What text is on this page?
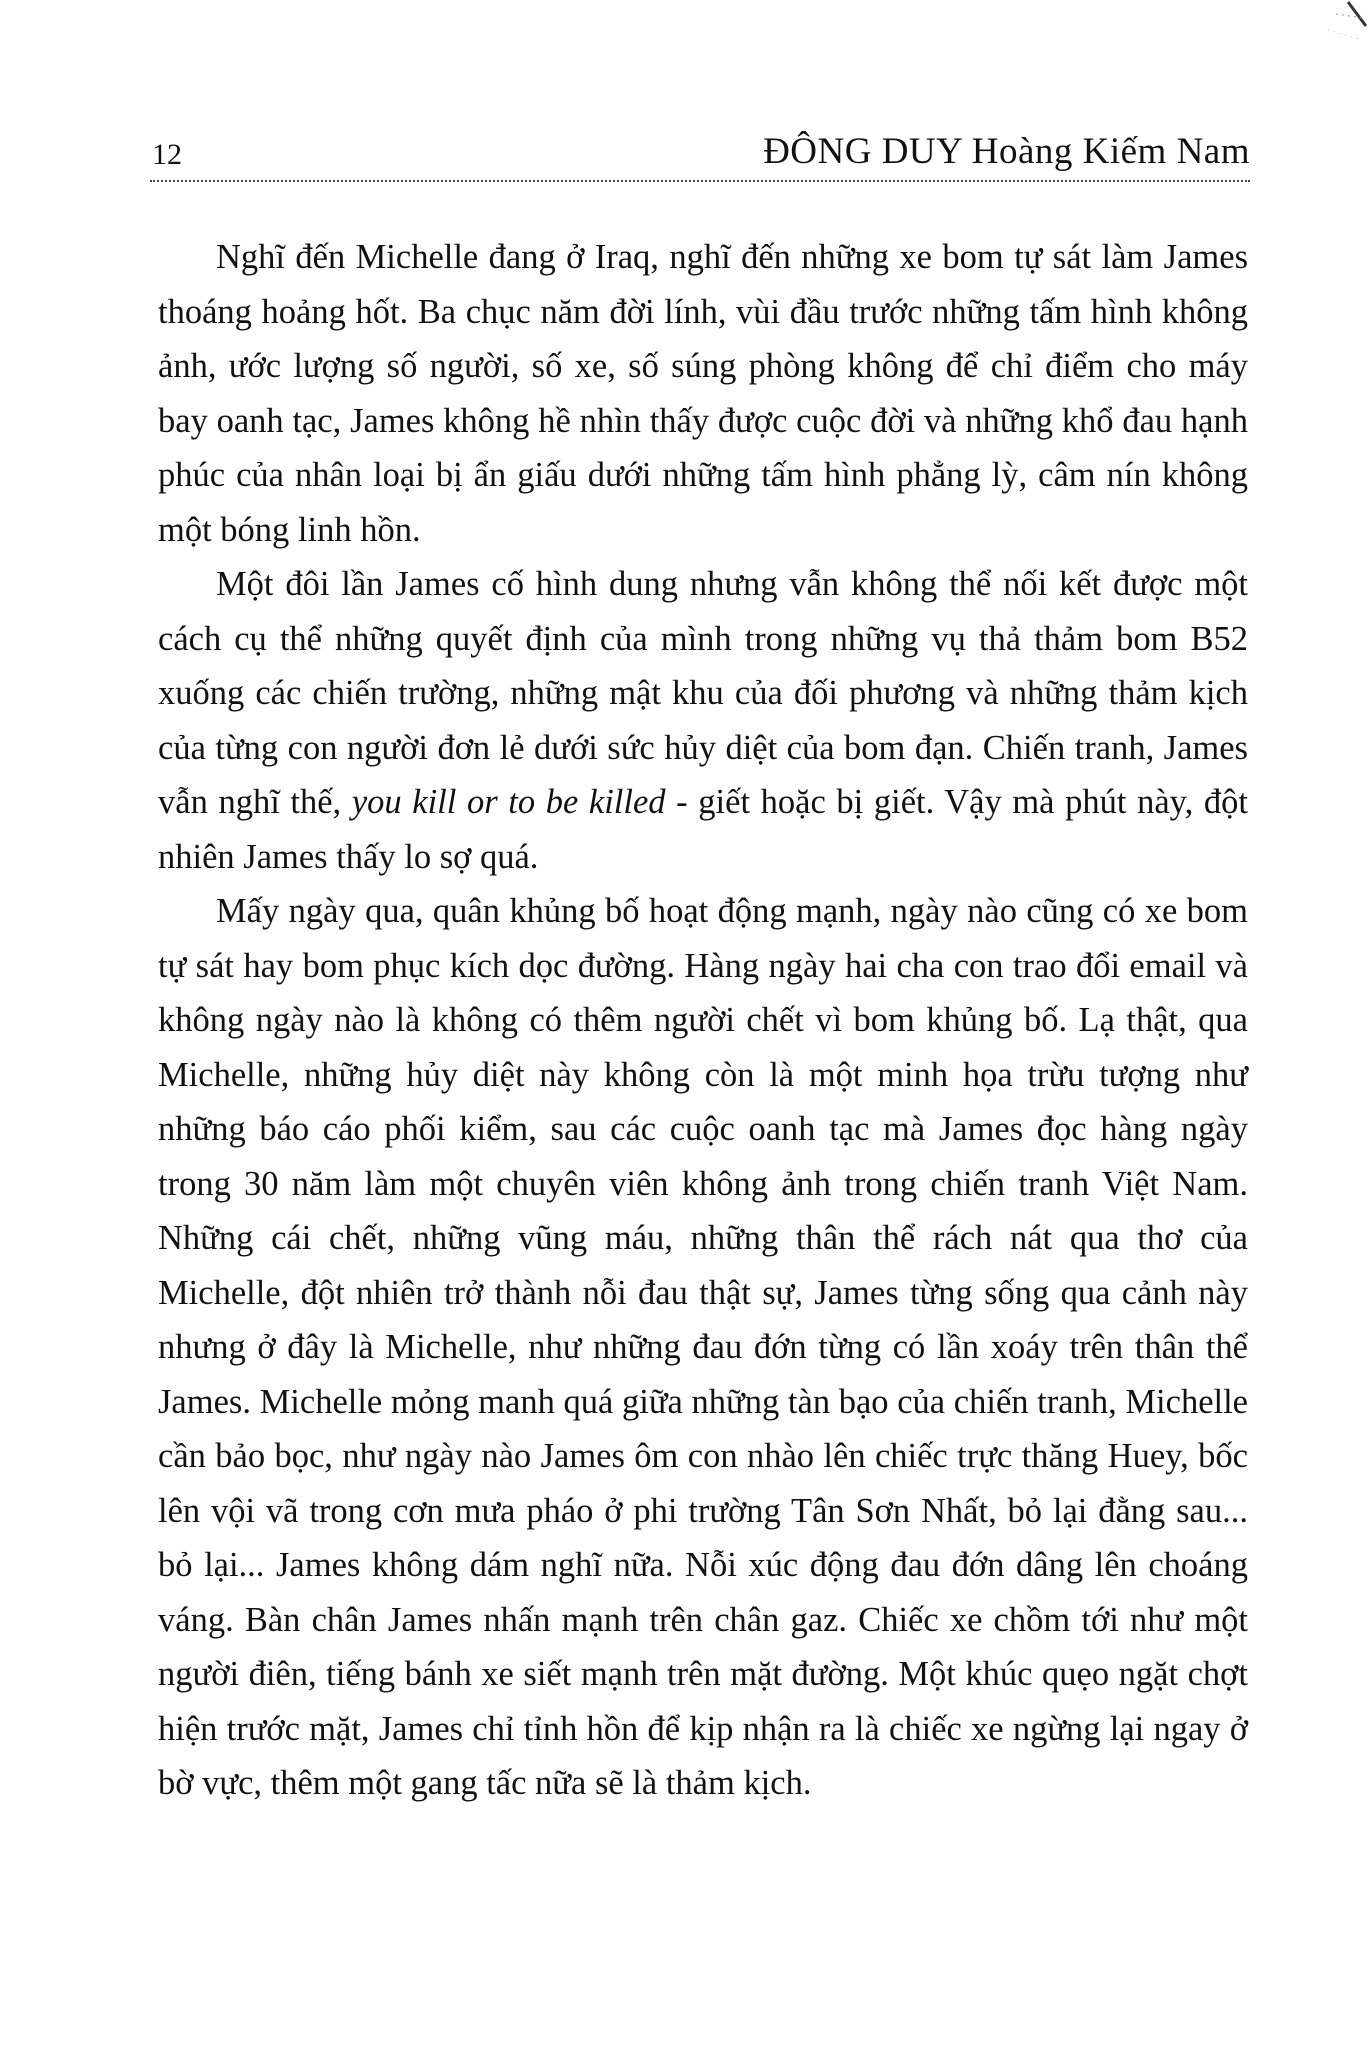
12	ĐÔNG DUY Hoàng Kiếm Nam

Nghĩ đến Michelle đang ở Iraq, nghĩ đến những xe bom tự sát làm James thoáng hoảng hốt. Ba chục năm đời lính, vùi đầu trước những tấm hình không ảnh, ước lượng số người, số xe, số súng phòng không để chỉ điểm cho máy bay oanh tạc, James không hề nhìn thấy được cuộc đời và những khổ đau hạnh phúc của nhân loại bị ẩn giấu dưới những tấm hình phẳng lỳ, câm nín không một bóng linh hồn.

Một đôi lần James cố hình dung nhưng vẫn không thể nối kết được một cách cụ thể những quyết định của mình trong những vụ thả thảm bom B52 xuống các chiến trường, những mật khu của đối phương và những thảm kịch của từng con người đơn lẻ dưới sức hủy diệt của bom đạn. Chiến tranh, James vẫn nghĩ thế, you kill or to be killed - giết hoặc bị giết. Vậy mà phút này, đột nhiên James thấy lo sợ quá.

Mấy ngày qua, quân khủng bố hoạt động mạnh, ngày nào cũng có xe bom tự sát hay bom phục kích dọc đường. Hàng ngày hai cha con trao đổi email và không ngày nào là không có thêm người chết vì bom khủng bố. Lạ thật, qua Michelle, những hủy diệt này không còn là một minh họa trừu tượng như những báo cáo phối kiểm, sau các cuộc oanh tạc mà James đọc hàng ngày trong 30 năm làm một chuyên viên không ảnh trong chiến tranh Việt Nam. Những cái chết, những vũng máu, những thân thể rách nát qua thơ của Michelle, đột nhiên trở thành nỗi đau thật sự, James từng sống qua cảnh này nhưng ở đây là Michelle, như những đau đớn từng có lần xoáy trên thân thể James. Michelle mỏng manh quá giữa những tàn bạo của chiến tranh, Michelle cần bảo bọc, như ngày nào James ôm con nhào lên chiếc trực thăng Huey, bốc lên vội vã trong cơn mưa pháo ở phi trường Tân Sơn Nhất, bỏ lại đằng sau... bỏ lại... James không dám nghĩ nữa. Nỗi xúc động đau đớn dâng lên choáng váng. Bàn chân James nhấn mạnh trên chân gaz. Chiếc xe chồm tới như một người điên, tiếng bánh xe siết mạnh trên mặt đường. Một khúc quẹo ngặt chợt hiện trước mặt, James chỉ tỉnh hồn để kịp nhận ra là chiếc xe ngừng lại ngay ở bờ vực, thêm một gang tấc nữa sẽ là thảm kịch.
